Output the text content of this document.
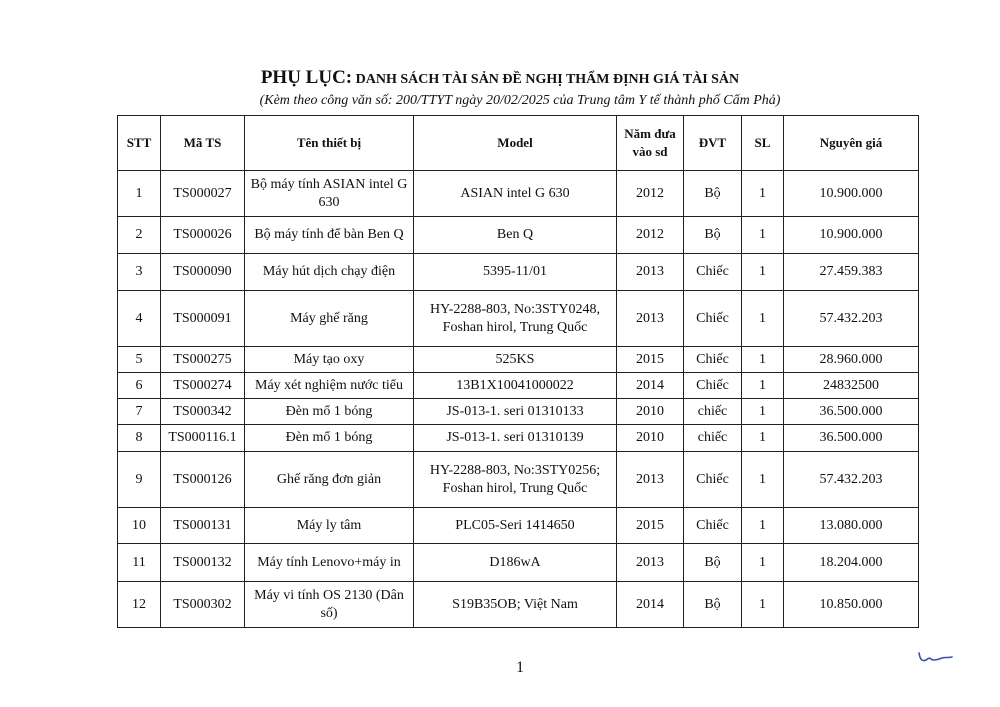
PHỤ LỤC: DANH SÁCH TÀI SẢN ĐỀ NGHỊ THẨM ĐỊNH GIÁ TÀI SẢN
(Kèm theo công văn số: 200/TTYT ngày 20/02/2025 của Trung tâm Y tế thành phố Cẩm Phả)
STT	Mã TS	Tên thiết bị	Model	Năm đưa vào sd	ĐVT	SL	Nguyên giá
1	TS000027	Bộ máy tính ASIAN intel G 630	ASIAN intel G 630	2012	Bộ	1	10.900.000
2	TS000026	Bộ máy tính để bàn Ben Q	Ben Q	2012	Bộ	1	10.900.000
3	TS000090	Máy hút dịch chạy điện	5395-11/01	2013	Chiếc	1	27.459.383
4	TS000091	Máy ghế răng	HY-2288-803, No:3STY0248, Foshan hirol, Trung Quốc	2013	Chiếc	1	57.432.203
5	TS000275	Máy tạo oxy	525KS	2015	Chiếc	1	28.960.000
6	TS000274	Máy xét nghiệm nước tiểu	13B1X10041000022	2014	Chiếc	1	24832500
7	TS000342	Đèn mổ 1 bóng	JS-013-1. seri 01310133	2010	chiếc	1	36.500.000
8	TS000116.1	Đèn mổ 1 bóng	JS-013-1. seri 01310139	2010	chiếc	1	36.500.000
9	TS000126	Ghế răng đơn giản	HY-2288-803, No:3STY0256; Foshan hirol, Trung Quốc	2013	Chiếc	1	57.432.203
10	TS000131	Máy ly tâm	PLC05-Seri 1414650	2015	Chiếc	1	13.080.000
11	TS000132	Máy tính Lenovo+máy in	D186wA	2013	Bộ	1	18.204.000
12	TS000302	Máy vi tính OS 2130 (Dân số)	S19B35OB; Việt Nam	2014	Bộ	1	10.850.000
1
